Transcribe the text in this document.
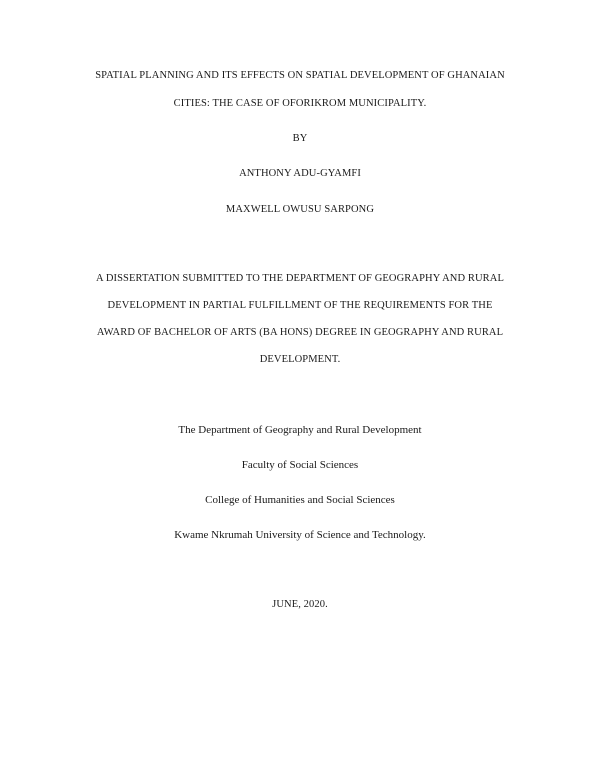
SPATIAL PLANNING AND ITS EFFECTS ON SPATIAL DEVELOPMENT OF GHANAIAN
CITIES: THE CASE OF OFORIKROM MUNICIPALITY.
BY
ANTHONY ADU-GYAMFI
MAXWELL OWUSU SARPONG
A DISSERTATION SUBMITTED TO THE DEPARTMENT OF GEOGRAPHY AND RURAL
DEVELOPMENT IN PARTIAL FULFILLMENT OF THE REQUIREMENTS FOR THE
AWARD OF BACHELOR OF ARTS (BA HONS) DEGREE IN GEOGRAPHY AND RURAL
DEVELOPMENT.
The Department of Geography and Rural Development
Faculty of Social Sciences
College of Humanities and Social Sciences
Kwame Nkrumah University of Science and Technology.
JUNE, 2020.
